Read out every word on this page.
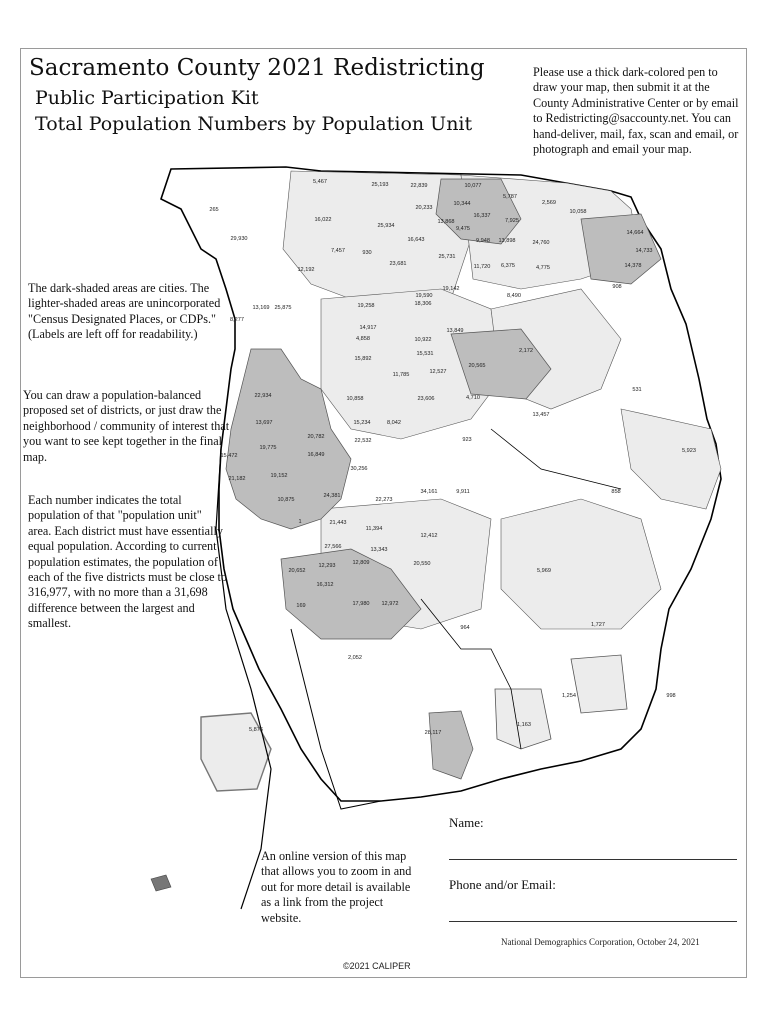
5,467	25,193	22,839	10,077
5,787
265
16,022
25,934
20,233
10,344
16,337
2,569
10,058
7,925
14,664
29,930
7,457	930
16,643
13,868
9,475
9,948 13,898	24,760
14,733
12,192
23,681
25,731
11,720 6,375	4,775	14,378
908
19,590
19,142
8,490
19,258	18,306
13,169 25,875
8,277
14,917
4,858	10,922
13,849
2,172
15,892
15,531
12,527
20,565
531
11,785
23,606	4,710
13,457
22,934	10,858
15,234	8,042
13,697
923
19,775
20,782
22,532
5,923
15,472	16,849
30,256
21,182	19,152
34,161	9,911	858
10,875
24,381
22,273
1	21,443
11,394
12,412
27,566	13,343
20,652
12,293	12,809	20,550
5,969
16,312
17,980 12,972
169
964	1,727
2,052
1,254	998
1,163
5,876	28,117
Sacramento County 2021 Redistricting
Public Participation Kit
Total Population Numbers by Population Unit
Please use a thick dark-colored pen to draw your map, then submit it at the County Administrative Center or by email to Redistricting@saccounty.net. You can hand-deliver, mail, fax, scan and email, or photograph and email your map.

The dark-shaded areas are cities. The lighter-shaded areas are unincorporated "Census Designated Places, or CDPs."

(Labels are left off for readability.)

You can draw a population-balanced proposed set of districts, or just draw the neighborhood / community of interest that you want to see kept together in the final map.
Each number indicates the total population of that "population unit" area. Each district must have essentially equal population. According to current population estimates, the population of each of the five districts must be close to 316,977, with no more than a 31,698 difference between the largest and smallest.
An online version of this map that allows you to zoom in and out for more detail is available as a link from the project website.
Name:
Phone and/or Email:
National Demographics Corporation, October 24, 2021
©2021 CALIPER
